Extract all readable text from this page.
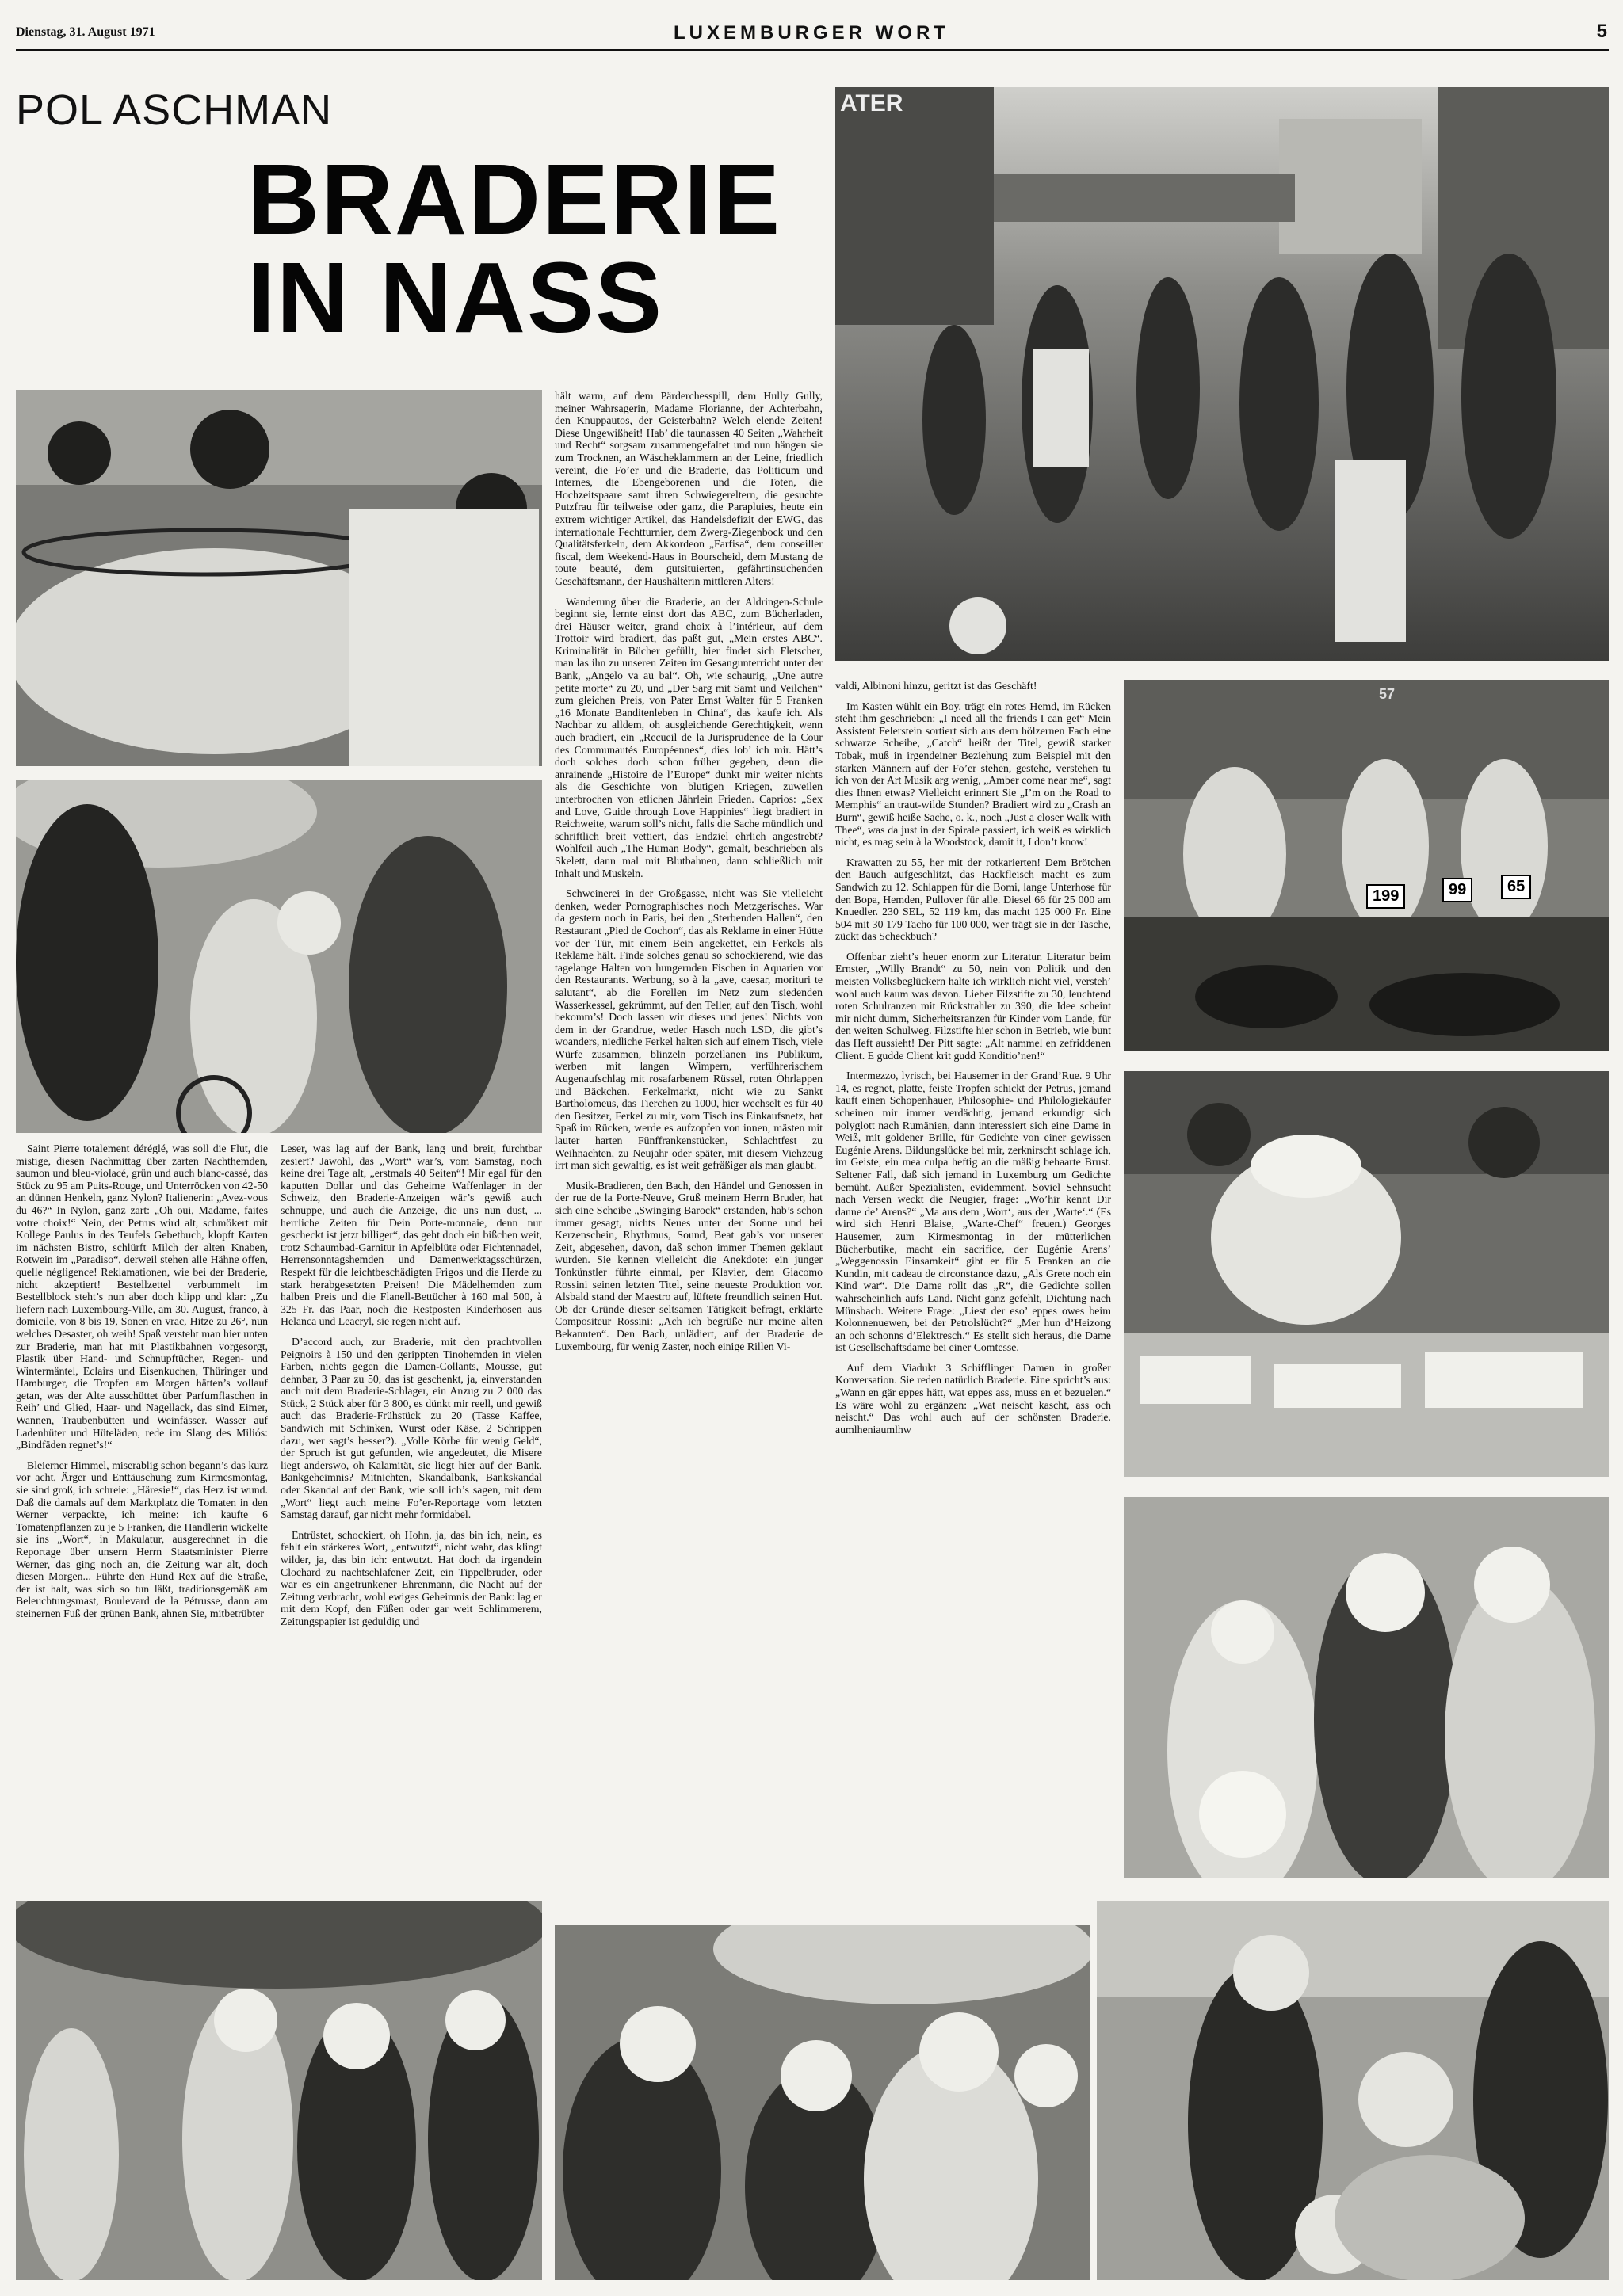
Dienstag, 31. August 1971	LUXEMBURGER WORT	5
POL ASCHMAN
BRADERIE
IN NASS
ATER
199	99	65
57

Saint Pierre totalement déréglé, was soll die Flut, die mistige, diesen Nachmittag über zarten Nachthemden, saumon und bleu-violacé, grün und auch blanc-cassé, das Stück zu 95 am Puits-Rouge, und Unterröcken von 42-50 an dünnen Henkeln, ganz Nylon? Italienerin: „Avez-vous du 46?“ In Nylon, ganz zart: „Oh oui, Madame, faites votre choix!“ Nein, der Petrus wird alt, schmökert mit Kollege Paulus in des Teufels Gebetbuch, klopft Karten im nächsten Bistro, schlürft Milch der alten Knaben, Rotwein im „Paradiso“, derweil stehen alle Hähne offen, quelle négligence! Reklamationen, wie bei der Braderie, nicht akzeptiert! Bestellzettel verbummelt im Bestellblock steht’s nun aber doch klipp und klar: „Zu liefern nach Luxembourg-Ville, am 30. August, franco, à domicile, von 8 bis 19, Sonen en vrac, Hitze zu 26°, nun welches Desaster, oh weih! Spaß versteht man hier unten zur Braderie, man hat mit Plastikbahnen vorgesorgt, Plastik über Hand- und Schnupftücher, Regen- und Wintermäntel, Eclairs und Eisenkuchen, Thüringer und Hamburger, die Tropfen am Morgen hätten’s vollauf getan, was der Alte ausschüttet über Parfumflaschen in Reih’ und Glied, Haar- und Nagellack, das sind Eimer, Wannen, Traubenbütten und Weinfässer. Wasser auf Ladenhüter und Hüteläden, rede im Slang des Miliós: „Bindfäden regnet’s!“

Bleierner Himmel, miserablig schon begann’s das kurz vor acht, Ärger und Enttäuschung zum Kirmesmontag, sie sind groß, ich schreie: „Häresie!“, das Herz ist wund. Daß die damals auf dem Marktplatz die Tomaten in den Werner verpackte, ich meine: ich kaufte 6 Tomatenpflanzen zu je 5 Franken, die Handlerin wickelte sie ins „Wort“, in Makulatur, ausgerechnet in die Reportage über unsern Herrn Staatsminister Pierre Werner, das ging noch an, die Zeitung war alt, doch diesen Morgen... Führte den Hund Rex auf die Straße, der ist halt, was sich so tun läßt, traditionsgemäß am Beleuchtungsmast, Boulevard de la Pétrusse, dann am steinernen Fuß der grünen Bank, ahnen Sie, mitbetrübter

Leser, was lag auf der Bank, lang und breit, furchtbar zesiert? Jawohl, das „Wort“ war’s, vom Samstag, noch keine drei Tage alt, „erstmals 40 Seiten“! Mir egal für den kaputten Dollar und das Geheime Waffenlager in der Schweiz, den Braderie-Anzeigen wär’s gewiß auch schnuppe, und auch die Anzeige, die uns nun dust, ... herrliche Zeiten für Dein Porte-monnaie, denn nur gescheckt ist jetzt billiger“, das geht doch ein bißchen weit, trotz Schaumbad-Garnitur in Apfelblüte oder Fichtennadel, Herrensonntagshemden und Damenwerktagsschürzen, Respekt für die leichtbeschädigten Frigos und die Herde zu stark herabgesetzten Preisen! Die Mädelhemden zum halben Preis und die Flanell-Bettücher à 160 mal 500, à 325 Fr. das Paar, noch die Restposten Kinderhosen aus Helanca und Leacryl, sie regen nicht auf.

D’accord auch, zur Braderie, mit den prachtvollen Peignoirs à 150 und den gerippten Tinohemden in vielen Farben, nichts gegen die Damen-Collants, Mousse, gut dehnbar, 3 Paar zu 50, das ist geschenkt, ja, einverstanden auch mit dem Braderie-Schlager, ein Anzug zu 2 000 das Stück, 2 Stück aber für 3 800, es dünkt mir reell, und gewiß auch das Braderie-Frühstück zu 20 (Tasse Kaffee, Sandwich mit Schinken, Wurst oder Käse, 2 Schrippen dazu, wer sagt’s besser?). „Volle Körbe für wenig Geld“, der Spruch ist gut gefunden, wie angedeutet, die Misere liegt anderswo, oh Kalamität, sie liegt hier auf der Bank. Bankgeheimnis? Mitnichten, Skandalbank, Bankskandal oder Skandal auf der Bank, wie soll ich’s sagen, mit dem „Wort“ liegt auch meine Fo’er-Reportage vom letzten Samstag darauf, gar nicht mehr formidabel.

Entrüstet, schockiert, oh Hohn, ja, das bin ich, nein, es fehlt ein stärkeres Wort, „entwutzt“, nicht wahr, das klingt wilder, ja, das bin ich: entwutzt. Hat doch da irgendein Clochard zu nachtschlafener Zeit, ein Tippelbruder, oder war es ein angetrunkener Ehrenmann, die Nacht auf der Zeitung verbracht, wohl ewiges Geheimnis der Bank: lag er mit dem Kopf, den Füßen oder gar weit Schlimmerem, Zeitungspapier ist geduldig und

hält warm, auf dem Pärderchesspill, dem Hully Gully, meiner Wahrsagerin, Madame Florianne, der Achterbahn, den Knuppautos, der Geisterbahn? Welch elende Zeiten! Diese Ungewißheit! Hab’ die taunassen 40 Seiten „Wahrheit und Recht“ sorgsam zusammengefaltet und nun hängen sie zum Trocknen, an Wäscheklammern an der Leine, friedlich vereint, die Fo’er und die Braderie, das Politicum und Internes, die Ebengeborenen und die Toten, die Hochzeitspaare samt ihren Schwiegereltern, die gesuchte Putzfrau für teilweise oder ganz, die Parapluies, heute ein extrem wichtiger Artikel, das Handelsdefizit der EWG, das internationale Fechtturnier, dem Zwerg-Ziegenbock und den Qualitätsferkeln, dem Akkordeon „Farfisa“, dem conseiller fiscal, dem Weekend-Haus in Bourscheid, dem Mustang de toute beauté, dem gutsituierten, gefährtinsuchenden Geschäftsmann, der Haushälterin mittleren Alters!

Wanderung über die Braderie, an der Aldringen-Schule beginnt sie, lernte einst dort das ABC, zum Bücherladen, drei Häuser weiter, grand choix à l’intérieur, auf dem Trottoir wird bradiert, das paßt gut, „Mein erstes ABC“. Kriminalität in Bücher gefüllt, hier findet sich Fletscher, man las ihn zu unseren Zeiten im Gesangunterricht unter der Bank, „Angelo va au bal“. Oh, wie schaurig, „Une autre petite morte“ zu 20, und „Der Sarg mit Samt und Veilchen“ zum gleichen Preis, von Pater Ernst Walter für 5 Franken „16 Monate Banditenleben in China“, das kaufe ich. Als Nachbar zu alldem, oh ausgleichende Gerechtigkeit, wenn auch bradiert, ein „Recueil de la Jurisprudence de la Cour des Communautés Européennes“, dies lob’ ich mir. Hätt’s doch solches doch schon früher gegeben, denn die anrainende „Histoire de l’Europe“ dunkt mir weiter nichts als die Geschichte von blutigen Kriegen, zuweilen unterbrochen von etlichen Jährlein Frieden. Caprios: „Sex and Love, Guide through Love Happinies“ liegt bradiert in Reichweite, warum soll’s nicht, falls die Sache mündlich und schriftlich breit vettiert, das Endziel ehrlich angestrebt? Wohlfeil auch „The Human Body“, gemalt, beschrieben als Skelett, dann mal mit Blutbahnen, dann schließlich mit Inhalt und Muskeln.

Schweinerei in der Großgasse, nicht was Sie vielleicht denken, weder Pornographisches noch Metzgerisches. War da gestern noch in Paris, bei den „Sterbenden Hallen“, den Restaurant „Pied de Cochon“, das als Reklame in einer Hütte vor der Tür, mit einem Bein angekettet, ein Ferkels als Reklame hält. Finde solches genau so schockierend, wie das tagelange Halten von hungernden Fischen in Aquarien vor den Restaurants. Werbung, so à la „ave, caesar, morituri te salutant“, ab die Forellen im Netz zum siedenden Wasserkessel, gekrümmt, auf den Teller, auf den Tisch, wohl bekomm’s! Doch lassen wir dieses und jenes! Nichts von dem in der Grandrue, weder Hasch noch LSD, die gibt’s woanders, niedliche Ferkel halten sich auf einem Tisch, viele Würfe zusammen, blinzeln porzellanen ins Publikum, werben mit langen Wimpern, verführerischem Augenaufschlag mit rosafarbenem Rüssel, roten Öhrlappen und Bäckchen. Ferkelmarkt, nicht wie zu Sankt Bartholomeus, das Tierchen zu 1000, hier wechselt es für 40 den Besitzer, Ferkel zu mir, vom Tisch ins Einkaufsnetz, hat Spaß im Rücken, werde es aufzopfen von innen, mästen mit lauter harten Fünffrankenstücken, Schlachtfest zu Weihnachten, zu Neujahr oder später, mit diesem Viehzeug irrt man sich gewaltig, es ist weit gefräßiger als man glaubt.

Musik-Bradieren, den Bach, den Händel und Genossen in der rue de la Porte-Neuve, Gruß meinem Herrn Bruder, hat sich eine Scheibe „Swinging Barock“ erstanden, hab’s schon immer gesagt, nichts Neues unter der Sonne und bei Kerzenschein, Rhythmus, Sound, Beat gab’s vor unserer Zeit, abgesehen, davon, daß schon immer Themen geklaut wurden. Sie kennen vielleicht die Anekdote: ein junger Tonkünstler führte einmal, per Klavier, dem Giacomo Rossini seinen letzten Titel, seine neueste Produktion vor. Alsbald stand der Maestro auf, lüftete freundlich seinen Hut. Ob der Gründe dieser seltsamen Tätigkeit befragt, erklärte Compositeur Rossini: „Ach ich begrüße nur meine alten Bekannten“. Den Bach, unlädiert, auf der Braderie de Luxembourg, für wenig Zaster, noch einige Rillen Vi-

valdi, Albinoni hinzu, geritzt ist das Geschäft!

Im Kasten wühlt ein Boy, trägt ein rotes Hemd, im Rücken steht ihm geschrieben: „I need all the friends I can get“ Mein Assistent Felerstein sortiert sich aus dem hölzernen Fach eine schwarze Scheibe, „Catch“ heißt der Titel, gewiß starker Tobak, muß in irgendeiner Beziehung zum Beispiel mit den starken Männern auf der Fo’er stehen, gestehe, verstehen tu ich von der Art Musik arg wenig, „Amber come near me“, sagt dies Ihnen etwas? Vielleicht erinnert Sie „I’m on the Road to Memphis“ an traut-wilde Stunden? Bradiert wird zu „Crash an Burn“, gewiß heiße Sache, o. k., noch „Just a closer Walk with Thee“, was da just in der Spirale passiert, ich weiß es wirklich nicht, es mag sein à la Woodstock, damit it, I don’t know!

Krawatten zu 55, her mit der rotkarierten! Dem Brötchen den Bauch aufgeschlitzt, das Hackfleisch macht es zum Sandwich zu 12. Schlappen für die Bomi, lange Unterhose für den Bopa, Hemden, Pullover für alle. Diesel 66 für 25 000 am Knuedler. 230 SEL, 52 119 km, das macht 125 000 Fr. Eine 504 mit 30 179 Tacho für 100 000, wer trägt sie in der Tasche, zückt das Scheckbuch?

Offenbar zieht’s heuer enorm zur Literatur. Literatur beim Ernster, „Willy Brandt“ zu 50, nein von Politik und den meisten Volksbeglückern halte ich wirklich nicht viel, versteh’ wohl auch kaum was davon. Lieber Filzstifte zu 30, leuchtend roten Schulranzen mit Rückstrahler zu 390, die Idee scheint mir nicht dumm, Sicherheitsranzen für Kinder vom Lande, für den weiten Schulweg. Filzstifte hier schon in Betrieb, wie bunt das Heft aussieht! Der Pitt sagte: „Alt nammel en zefriddenen Client. E gudde Client krit gudd Konditio’nen!“

Intermezzo, lyrisch, bei Hausemer in der Grand’Rue. 9 Uhr 14, es regnet, platte, feiste Tropfen schickt der Petrus, jemand kauft einen Schopenhauer, Philosophie- und Philologiekäufer scheinen mir immer verdächtig, jemand erkundigt sich polyglott nach Rumänien, dann interessiert sich eine Dame in Weiß, mit goldener Brille, für Gedichte von einer gewissen Eugénie Arens. Bildungslücke bei mir, zerknirscht schlage ich, im Geiste, ein mea culpa heftig an die mäßig behaarte Brust. Seltener Fall, daß sich jemand in Luxemburg um Gedichte bemüht. Außer Spezialisten, evidemment. Soviel Sehnsucht nach Versen weckt die Neugier, frage: „Wo’hir kennt Dir danne de’ Arens?“ „Ma aus dem ‚Wort‘, aus der ‚Warte‘.“ (Es wird sich Henri Blaise, „Warte-Chef“ freuen.) Georges Hausemer, zum Kirmesmontag in der mütterlichen Bücherbutike, macht ein sacrifice, der Eugénie Arens’ „Weggenossin Einsamkeit“ gibt er für 5 Franken an die Kundin, mit cadeau de circonstance dazu, „Als Grete noch ein Kind war“. Die Dame rollt das „R“, die Gedichte sollen wahrscheinlich aufs Land. Nicht ganz gefehlt, Dichtung nach Münsbach. Weitere Frage: „Liest der eso’ eppes owes beim Kolonnenuewen, bei der Petrolslücht?“ „Mer hun d’Heizong an och schonns d’Elektresch.“ Es stellt sich heraus, die Dame ist Gesellschaftsdame bei einer Comtesse.

Auf dem Viadukt 3 Schifflinger Damen in großer Konversation. Sie reden natürlich Braderie. Eine spricht’s aus: „Wann en gär eppes hätt, wat eppes ass, muss en et bezuelen.“ Es wäre wohl zu ergänzen: „Wat neischt kascht, ass och neischt.“ Das wohl auch auf der schönsten Braderie. aumlheniaumlhw
